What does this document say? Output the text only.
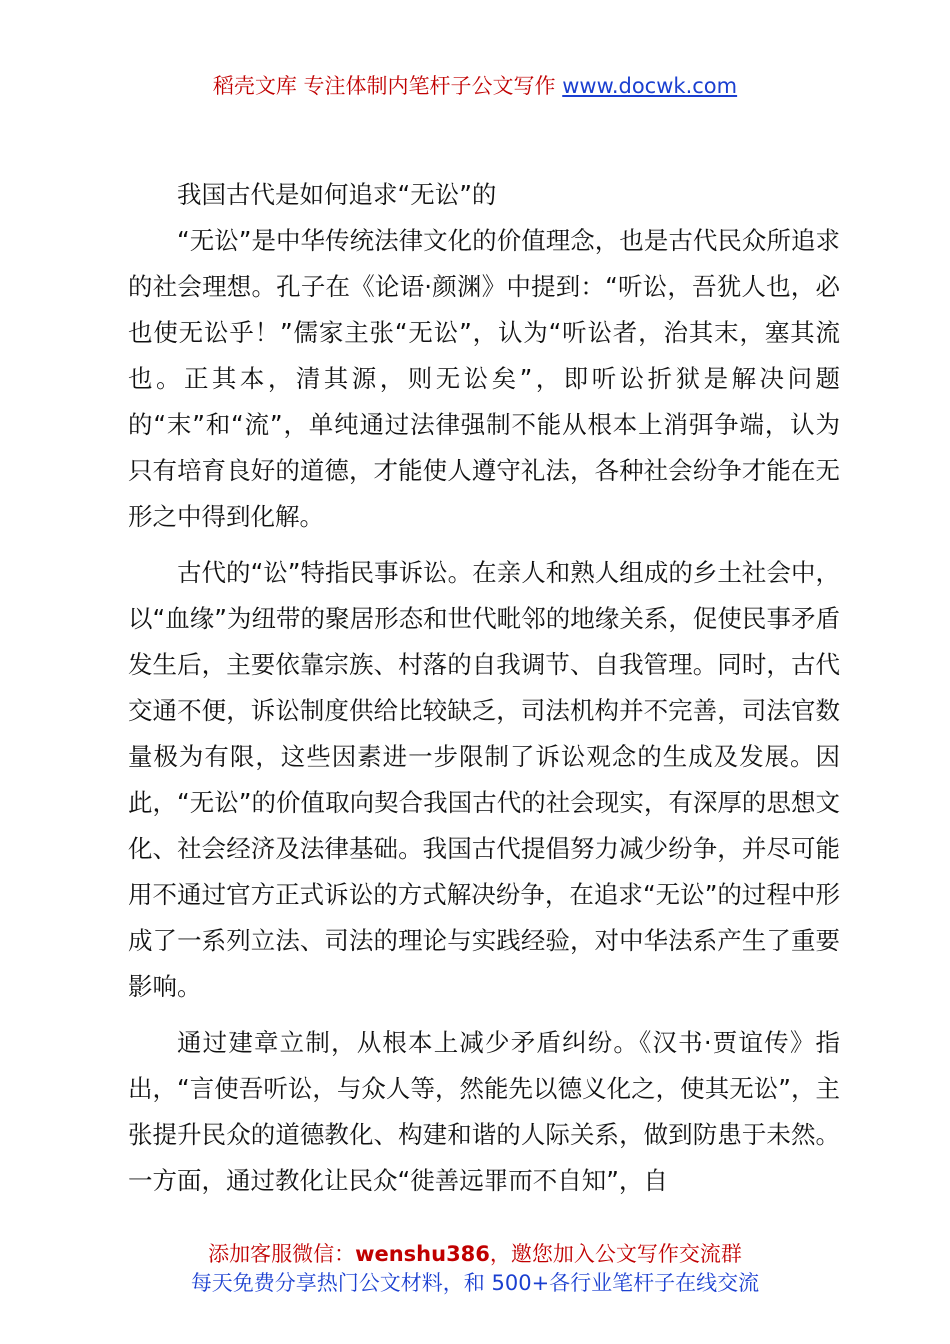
稻壳文库 专注体制内笔杆子公文写作 www.docwk.com

我国古代是如何追求“无讼”的

“无讼”是中华传统法律文化的价值理念，也是古代民众所追求的社会理想。孔子在《论语·颜渊》中提到：“听讼，吾犹人也，必也使无讼乎！”儒家主张“无讼”，认为“听讼者，治其末，塞其流也。正其本，清其源，则无讼矣”，即听讼折狱是解决问题的“末”和“流”，单纯通过法律强制不能从根本上消弭争端，认为只有培育良好的道德，才能使人遵守礼法，各种社会纷争才能在无形之中得到化解。

古代的“讼”特指民事诉讼。在亲人和熟人组成的乡土社会中，以“血缘”为纽带的聚居形态和世代毗邻的地缘关系，促使民事矛盾发生后，主要依靠宗族、村落的自我调节、自我管理。同时，古代交通不便，诉讼制度供给比较缺乏，司法机构并不完善，司法官数量极为有限，这些因素进一步限制了诉讼观念的生成及发展。因此，“无讼”的价值取向契合我国古代的社会现实，有深厚的思想文化、社会经济及法律基础。我国古代提倡努力减少纷争，并尽可能用不通过官方正式诉讼的方式解决纷争，在追求“无讼”的过程中形成了一系列立法、司法的理论与实践经验，对中华法系产生了重要影响。

通过建章立制，从根本上减少矛盾纠纷。《汉书·贾谊传》指出，“言使吾听讼，与众人等，然能先以德义化之，使其无讼”，主张提升民众的道德教化、构建和谐的人际关系，做到防患于未然。一方面，通过教化让民众“徙善远罪而不自知”，自

添加客服微信：wenshu386，邀您加入公文写作交流群
每天免费分享热门公文材料，和 500+各行业笔杆子在线交流
